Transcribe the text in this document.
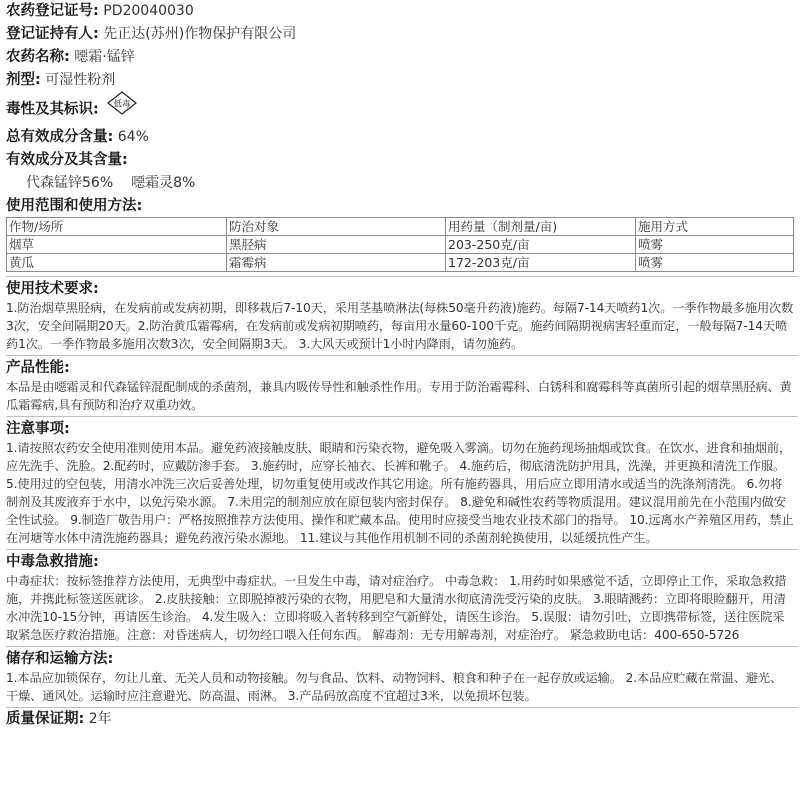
农药登记证号: PD20040030
登记证持有人: 先正达(苏州)作物保护有限公司
农药名称: 噁霜·锰锌
剂型: 可湿性粉剂
毒性及其标识: 低毒
总有效成分含量: 64%
有效成分及其含量:
代森锰锌56% 噁霜灵8%
使用范围和使用方法:
作物/场所	防治对象	用药量（制剂量/亩)	施用方式
烟草	黑胫病	203-250克/亩	喷雾
黄瓜	霜霉病	172-203克/亩	喷雾
使用技术要求:
1.防治烟草黑胫病，在发病前或发病初期，即移栽后7-10天，采用茎基喷淋法(每株50毫升药液)施药。每隔7-14天喷药1次。一季作物最多施用次数3次，安全间隔期20天。2.防治黄瓜霜霉病，在发病前或发病初期喷药，每亩用水量60-100千克。施药间隔期视病害轻重而定，一般每隔7-14天喷药1次。一季作物最多施用次数3次，安全间隔期3天。 3.大风天或预计1小时内降雨，请勿施药。
产品性能:
本品是由噁霜灵和代森锰锌混配制成的杀菌剂，兼具内吸传导性和触杀性作用。专用于防治霜霉科、白锈科和腐霉科等真菌所引起的烟草黑胫病、黄瓜霜霉病,具有预防和治疗双重功效。
注意事项:
1.请按照农药安全使用准则使用本品。避免药液接触皮肤、眼睛和污染衣物，避免吸入雾滴。切勿在施药现场抽烟或饮食。在饮水、进食和抽烟前，应先洗手、洗脸。2.配药时，应戴防渗手套。 3.施药时，应穿长袖衣、长裤和靴子。 4.施药后，彻底清洗防护用具，洗澡，并更换和清洗工作服。 5.使用过的空包装，用清水冲洗三次后妥善处理，切勿重复使用或改作其它用途。所有施药器具，用后应立即用清水或适当的洗涤剂清洗。 6.勿将制剂及其废液弃于水中，以免污染水源。 7.未用完的制剂应放在原包装内密封保存。 8.避免和碱性农药等物质混用。建议混用前先在小范围内做安全性试验。 9.制造厂敬告用户：严格按照推荐方法使用、操作和贮藏本品。使用时应接受当地农业技术部门的指导。 10.远离水产养殖区用药，禁止在河塘等水体中清洗施药器具；避免药液污染水源地。 11.建议与其他作用机制不同的杀菌剂轮换使用，以延缓抗性产生。
中毒急救措施:
中毒症状：按标签推荐方法使用，无典型中毒症状。一旦发生中毒，请对症治疗。 中毒急救： 1.用药时如果感觉不适，立即停止工作，采取急救措施，并携此标签送医就诊。 2.皮肤接触：立即脱掉被污染的衣物，用肥皂和大量清水彻底清洗受污染的皮肤。 3.眼睛溅药：立即将眼睑翻开，用清水冲洗10-15分钟，再请医生诊治。 4.发生吸入：立即将吸入者转移到空气新鲜处，请医生诊治。 5.误服：请勿引吐，立即携带标签，送往医院采取紧急医疗救治措施。注意：对昏迷病人，切勿经口喂入任何东西。 解毒剂：无专用解毒剂，对症治疗。 紧急救助电话：400-650-5726
储存和运输方法:
1.本品应加锁保存，勿让儿童、无关人员和动物接触。勿与食品、饮料、动物饲料、粮食和种子在一起存放或运输。 2.本品应贮藏在常温、避光、干燥、通风处。运输时应注意避光、防高温、雨淋。 3.产品码放高度不宜超过3米，以免损坏包装。
质量保证期: 2年
